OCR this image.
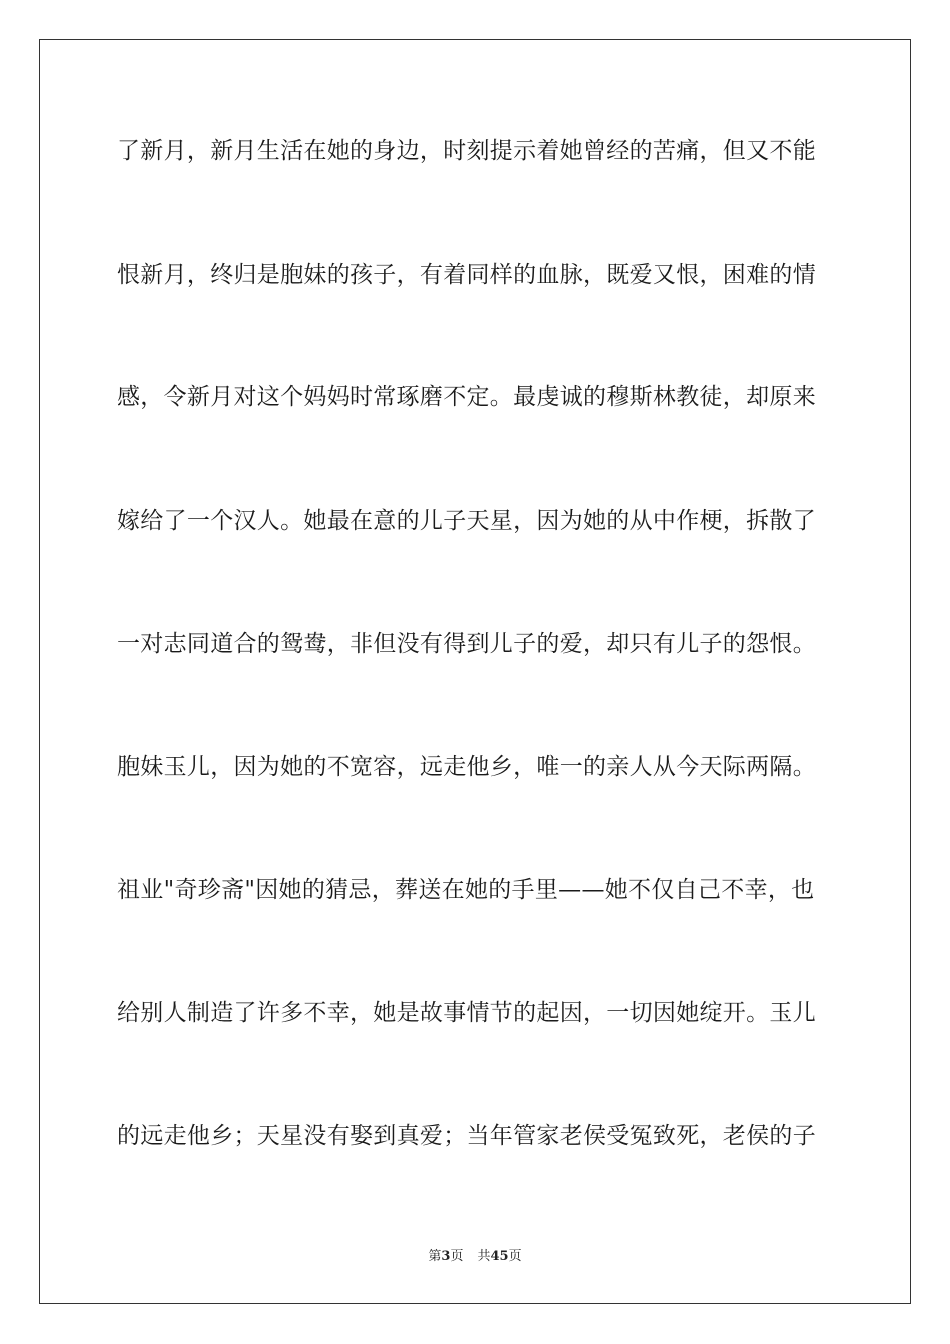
了新月，新月生活在她的身边，时刻提示着她曾经的苦痛，但又不能
恨新月，终归是胞妹的孩子，有着同样的血脉，既爱又恨，困难的情
感，令新月对这个妈妈时常琢磨不定。最虔诚的穆斯林教徒，却原来
嫁给了一个汉人。她最在意的儿子天星，因为她的从中作梗，拆散了
一对志同道合的鸳鸯，非但没有得到儿子的爱，却只有儿子的怨恨。
胞妹玉儿，因为她的不宽容，远走他乡，唯一的亲人从今天际两隔。
祖业"奇珍斋"因她的猜忌，葬送在她的手里——她不仅自己不幸，也
给别人制造了许多不幸，她是故事情节的起因，一切因她绽开。玉儿
的远走他乡；天星没有娶到真爱；当年管家老侯受冤致死，老侯的子
第3页 共45页
